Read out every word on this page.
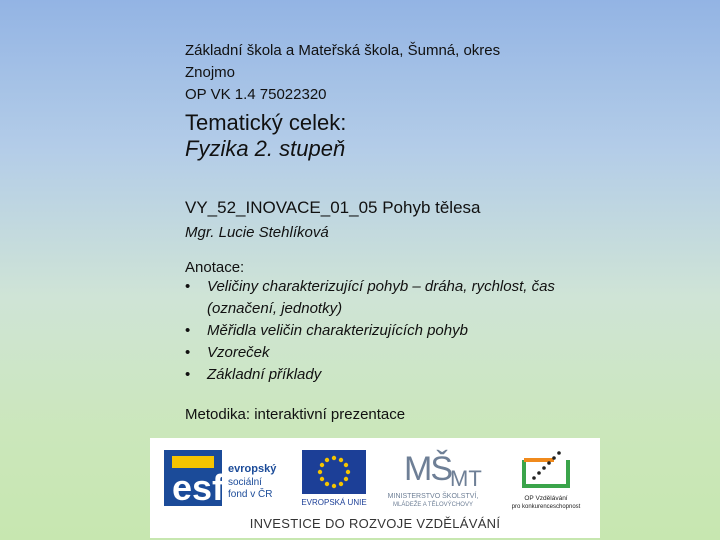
Základní škola a Mateřská škola, Šumná, okres
Znojmo
OP VK 1.4 75022320
Tematický celek:
Fyzika 2. stupeň
VY_52_INOVACE_01_05 Pohyb tělesa
Mgr. Lucie Stehlíková
Anotace:
• Veličiny charakterizující pohyb – dráha, rychlost, čas (označení, jednotky)
• Měřidla veličin charakterizujících pohyb
• Vzoreček
• Základní příklady
Metodika: interaktivní prezentace
esf evropský
sociální
fond v ČR
EVROPSKÁ UNIE
MŠ MT
MINISTERSTVO ŠKOLSTVÍ,
MLÁDEŽE A TĚLOVÝCHOVY
OP Vzdělávání
pro konkurenceschopnost
INVESTICE DO ROZVOJE VZDĚLÁVÁNÍ
